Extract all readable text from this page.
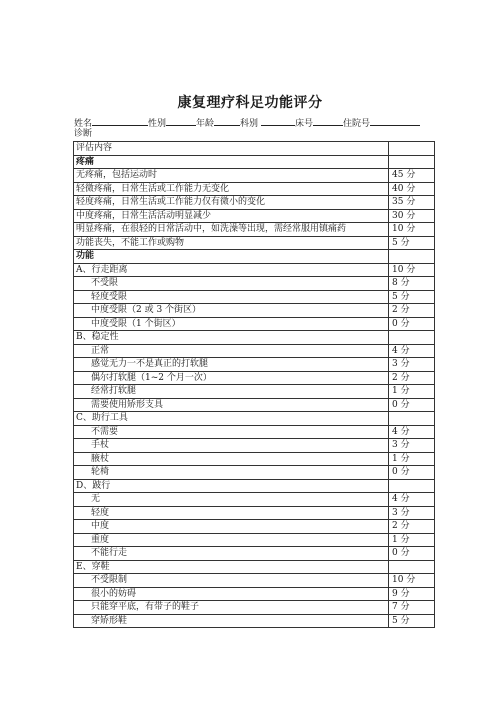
康复理疗科足功能评分
姓名	性别	年龄	科别	床号	住院号
诊断
评估内容	
疼痛	
无疼痛，包括运动时	45 分
轻微疼痛，日常生活或工作能力无变化	40 分
轻度疼痛，日常生活或工作能力仅有微小的变化	35 分
中度疼痛，日常生活活动明显减少	30 分
明显疼痛，在很轻的日常活动中，如洗澡等出现，需经常服用镇痛药	10 分
功能丧失，不能工作或购物	5 分
功能	
A、行走距离	10 分
不受限	8 分
轻度受限	5 分
中度受限（2 或 3 个街区）	2 分
中度受限（1 个街区）	0 分
B、稳定性	
正常	4 分
感觉无力一不是真正的打软腿	3 分
偶尔打软腿（1~2 个月一次）	2 分
经常打软腿	1 分
需要使用矫形支具	0 分
C、助行工具	
不需要	4 分
手杖	3 分
腋杖	1 分
轮椅	0 分
D、跛行	
无	4 分
轻度	3 分
中度	2 分
重度	1 分
不能行走	0 分
E、穿鞋	
不受限制	10 分
很小的妨碍	9 分
只能穿平底，有带子的鞋子	7 分
穿矫形鞋	5 分
